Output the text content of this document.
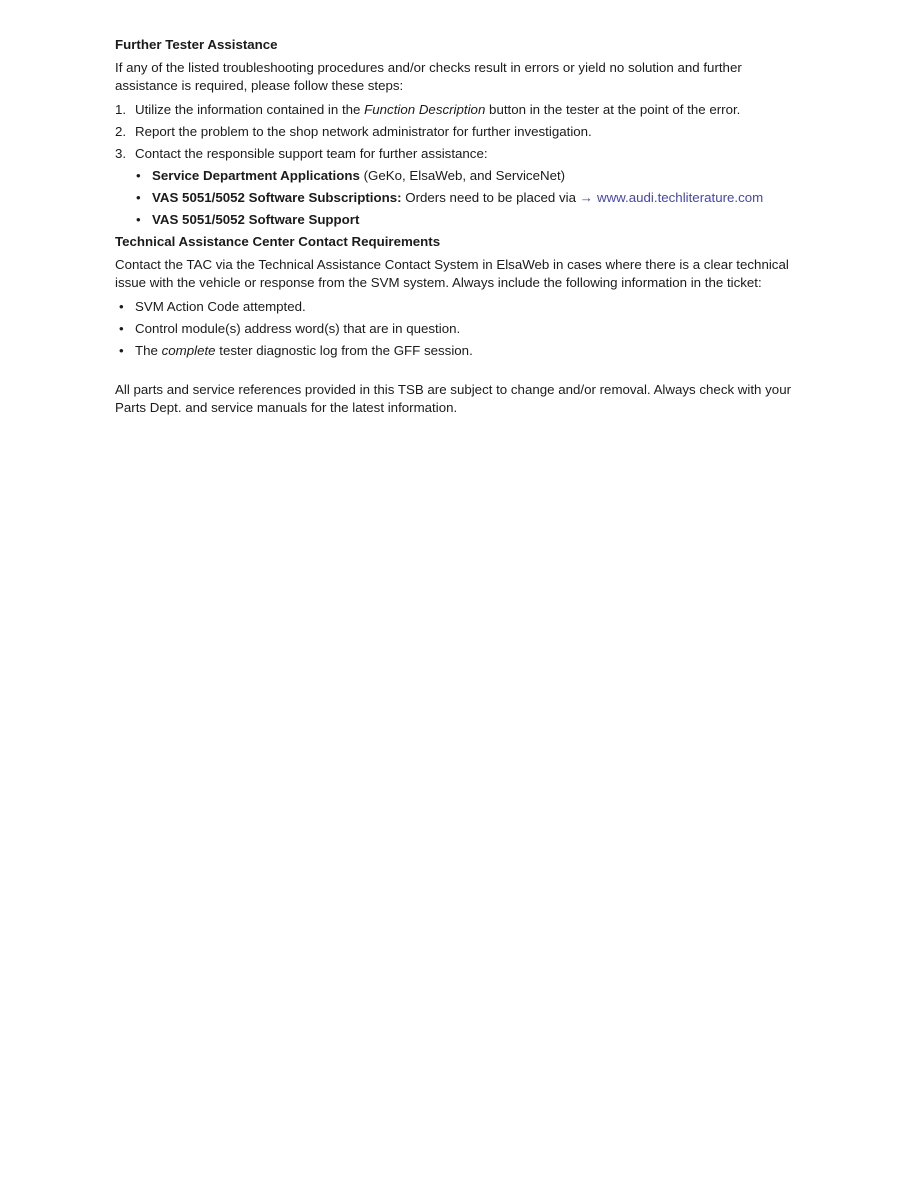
Further Tester Assistance

If any of the listed troubleshooting procedures and/or checks result in errors or yield no solution and further assistance is required, please follow these steps:

1. Utilize the information contained in the Function Description button in the tester at the point of the error.
2. Report the problem to the shop network administrator for further investigation.
3. Contact the responsible support team for further assistance:
• Service Department Applications (GeKo, ElsaWeb, and ServiceNet)
• VAS 5051/5052 Software Subscriptions: Orders need to be placed via → www.audi.techliterature.com
• VAS 5051/5052 Software Support
Technical Assistance Center Contact Requirements

Contact the TAC via the Technical Assistance Contact System in ElsaWeb in cases where there is a clear technical issue with the vehicle or response from the SVM system. Always include the following information in the ticket:

• SVM Action Code attempted.
• Control module(s) address word(s) that are in question.
• The complete tester diagnostic log from the GFF session.

All parts and service references provided in this TSB are subject to change and/or removal. Always check with your Parts Dept. and service manuals for the latest information.
